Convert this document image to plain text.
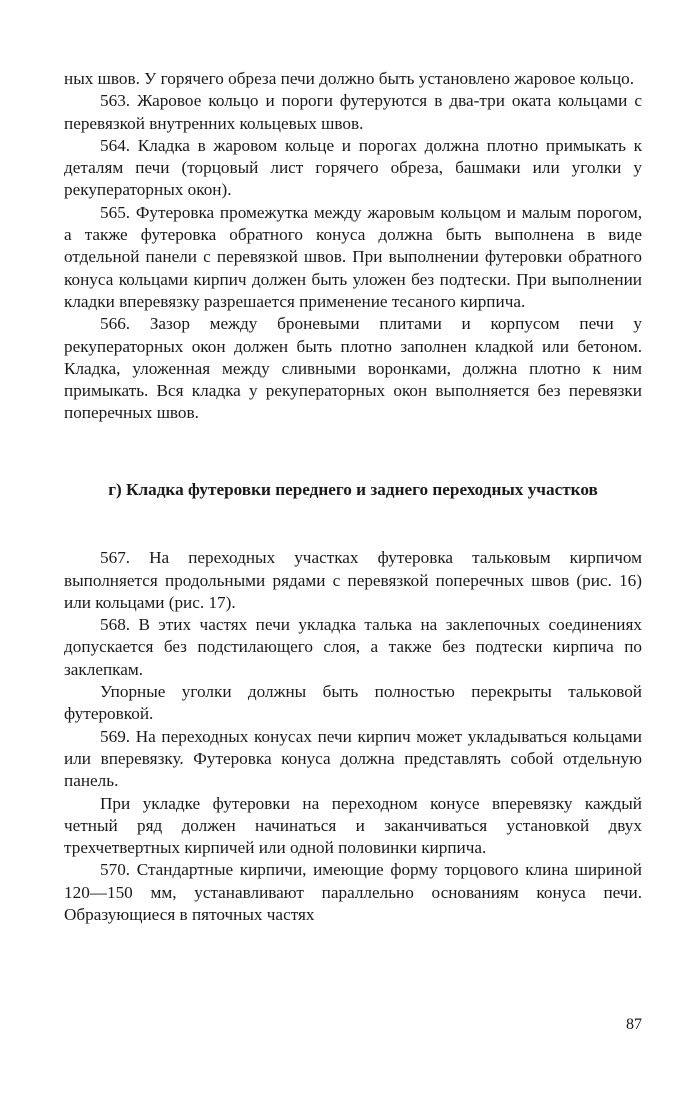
ных швов. У горячего обреза печи должно быть установлено жаровое кольцо.

563. Жаровое кольцо и пороги футеруются в два-три оката кольцами с перевязкой внутренних кольцевых швов.

564. Кладка в жаровом кольце и порогах должна плотно примыкать к деталям печи (торцовый лист горячего обреза, башмаки или уголки у рекуператорных окон).

565. Футеровка промежутка между жаровым кольцом и малым порогом, а также футеровка обратного конуса должна быть выполнена в виде отдельной панели с перевязкой швов. При выполнении футеровки обратного конуса кольцами кирпич должен быть уложен без подтески. При выполнении кладки вперевязку разрешается применение тесаного кирпича.

566. Зазор между броневыми плитами и корпусом печи у рекуператорных окон должен быть плотно заполнен кладкой или бетоном. Кладка, уложенная между сливными воронками, должна плотно к ним примыкать. Вся кладка у рекуператорных окон выполняется без перевязки поперечных швов.

г) Кладка футеровки переднего и заднего переходных участков

567. На переходных участках футеровка тальковым кирпичом выполняется продольными рядами с перевязкой поперечных швов (рис. 16) или кольцами (рис. 17).

568. В этих частях печи укладка талька на заклепочных соединениях допускается без подстилающего слоя, а также без подтески кирпича по заклепкам.

Упорные уголки должны быть полностью перекрыты тальковой футеровкой.

569. На переходных конусах печи кирпич может укладываться кольцами или вперевязку. Футеровка конуса должна представлять собой отдельную панель.

При укладке футеровки на переходном конусе вперевязку каждый четный ряд должен начинаться и заканчиваться установкой двух трехчетвертных кирпичей или одной половинки кирпича.

570. Стандартные кирпичи, имеющие форму торцового клина шириной 120—150 мм, устанавливают параллельно основаниям конуса печи. Образующиеся в пяточных частях

87
